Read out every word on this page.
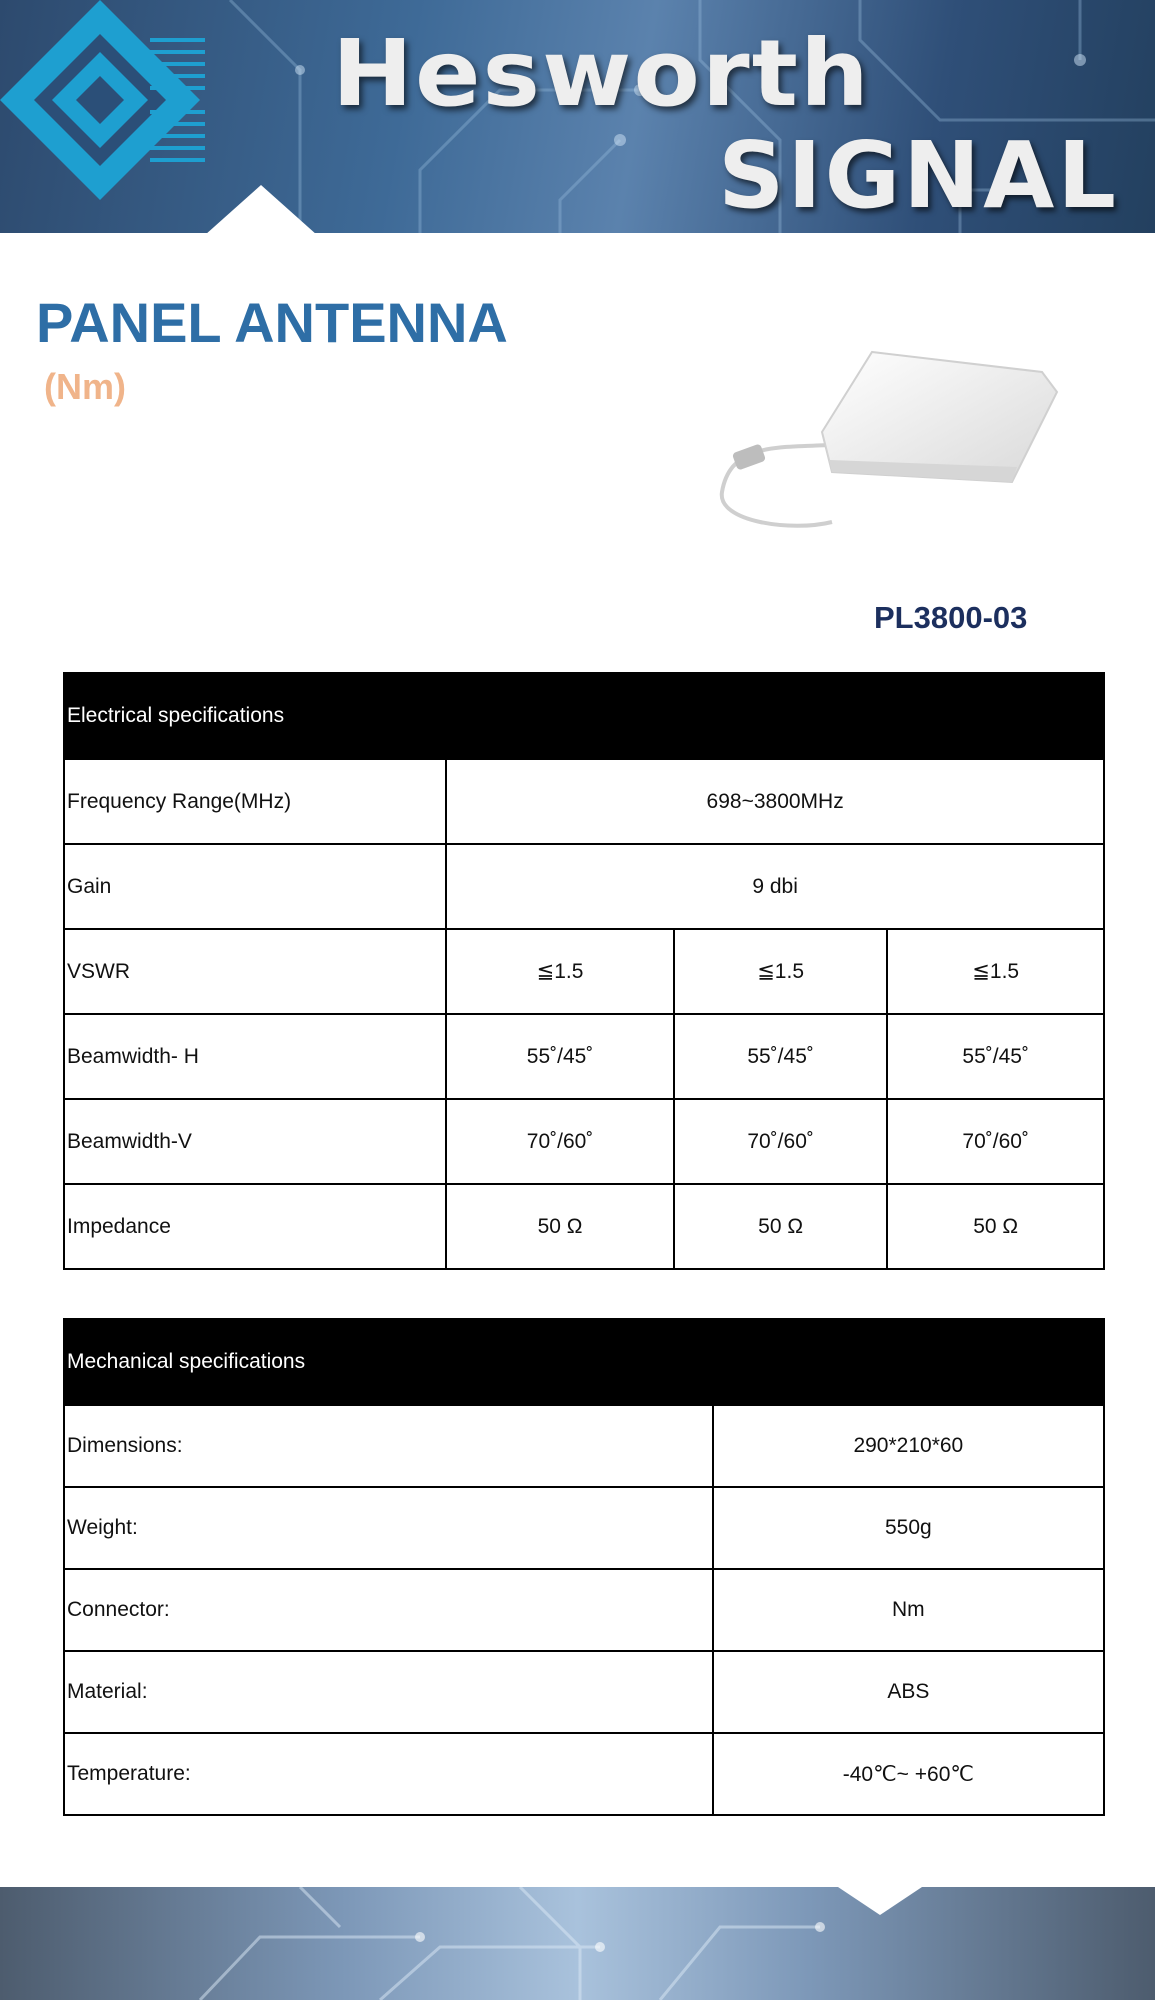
Hesworth

SIGNAL

PANEL ANTENNA

(Nm)

PL3800-03

Electrical specifications			
Frequency Range(MHz)	698~3800MHz		
Gain	9 dbi		
VSWR	≦1.5	≦1.5	≦1.5
Beamwidth- H	55˚/45˚	55˚/45˚	55˚/45˚
Beamwidth-V	70˚/60˚	70˚/60˚	70˚/60˚
Impedance	50 Ω	50 Ω	50 Ω
Mechanical specifications	
Dimensions:	290*210*60
Weight:	550g
Connector:	Nm
Material:	ABS
Temperature:	-40℃~ +60℃
